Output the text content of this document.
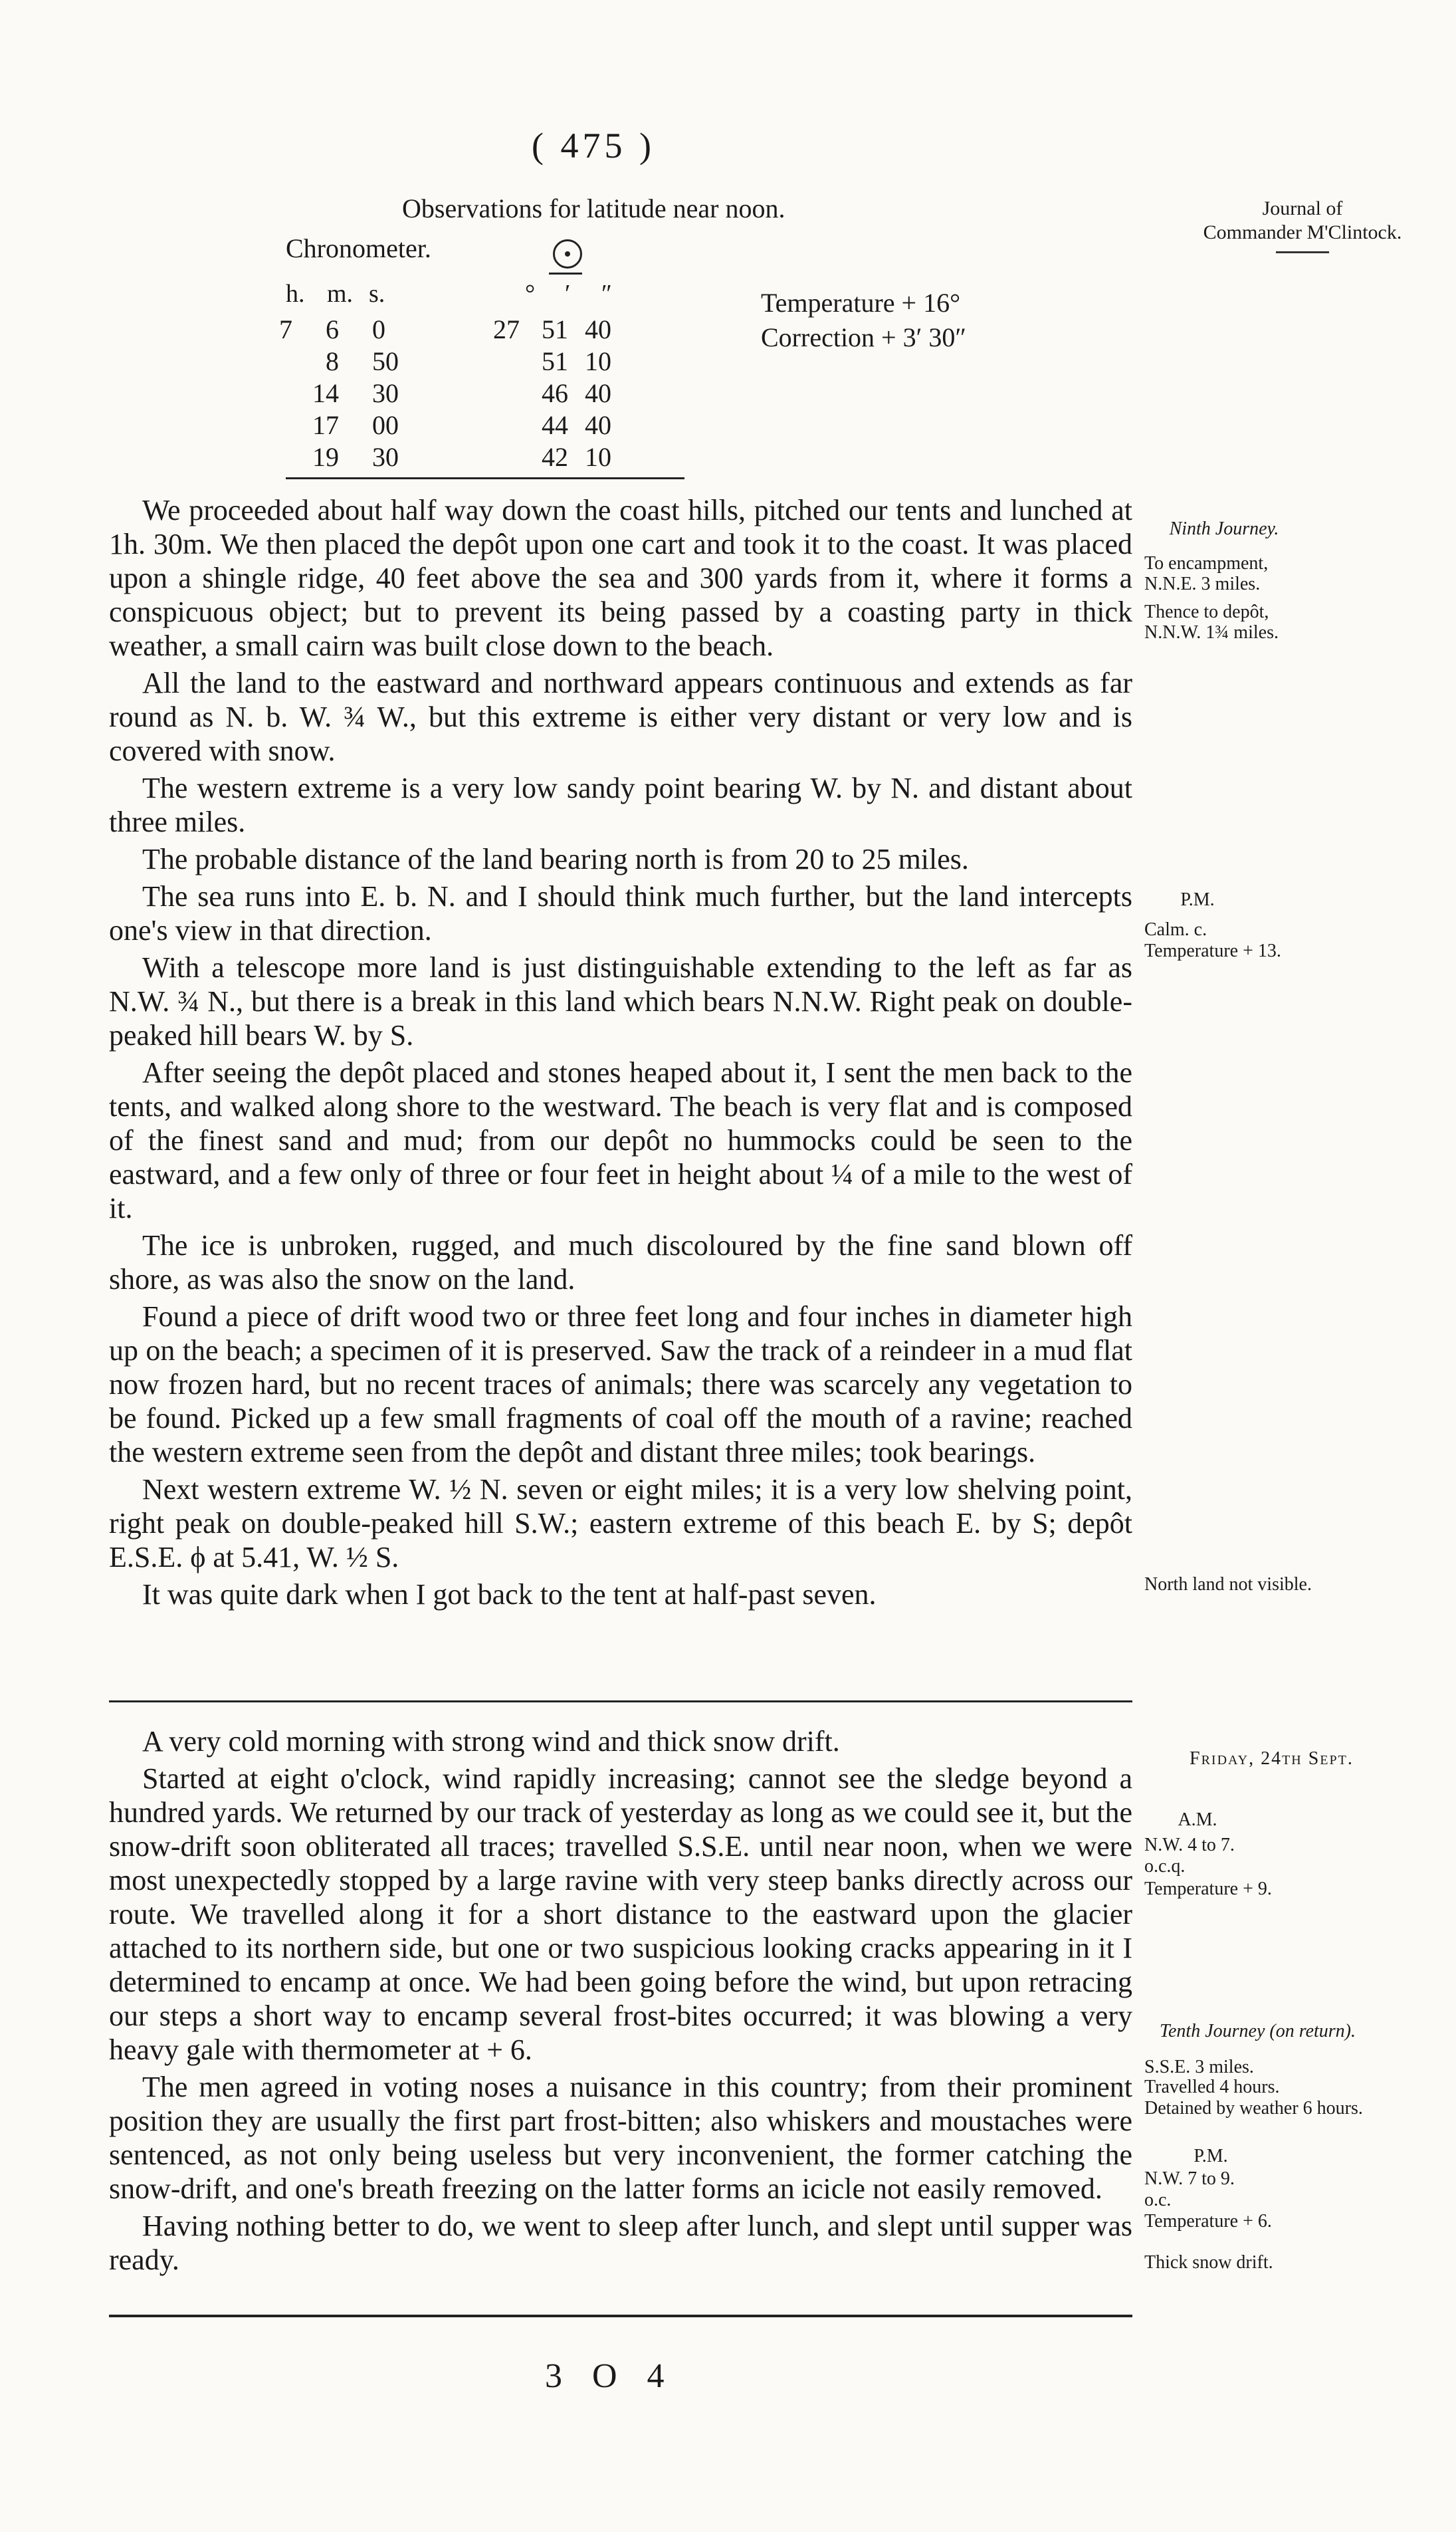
( 475 )
Journal of
Commander M'Clintock.
Observations for latitude near noon.
Chronometer.
h. m. s.	° ′ ″
7 6 0	27 51 40
8 50	51 10
14 30	46 40
17 00	44 40
19 30	42 10
Temperature + 16°
Correction + 3′ 30″

We proceeded about half way down the coast hills, pitched our tents and lunched at 1h. 30m. We then placed the depôt upon one cart and took it to the coast. It was placed upon a shingle ridge, 40 feet above the sea and 300 yards from it, where it forms a conspicuous object; but to prevent its being passed by a coasting party in thick weather, a small cairn was built close down to the beach.

All the land to the eastward and northward appears continuous and extends as far round as N. b. W. ¾ W., but this extreme is either very distant or very low and is covered with snow.

The western extreme is a very low sandy point bearing W. by N. and distant about three miles.

The probable distance of the land bearing north is from 20 to 25 miles.

The sea runs into E. b. N. and I should think much further, but the land intercepts one's view in that direction.

With a telescope more land is just distinguishable extending to the left as far as N.W. ¾ N., but there is a break in this land which bears N.N.W. Right peak on double-peaked hill bears W. by S.

After seeing the depôt placed and stones heaped about it, I sent the men back to the tents, and walked along shore to the westward. The beach is very flat and is composed of the finest sand and mud; from our depôt no hummocks could be seen to the eastward, and a few only of three or four feet in height about ¼ of a mile to the west of it.

The ice is unbroken, rugged, and much discoloured by the fine sand blown off shore, as was also the snow on the land.

Found a piece of drift wood two or three feet long and four inches in diameter high up on the beach; a specimen of it is preserved. Saw the track of a reindeer in a mud flat now frozen hard, but no recent traces of animals; there was scarcely any vegetation to be found. Picked up a few small fragments of coal off the mouth of a ravine; reached the western extreme seen from the depôt and distant three miles; took bearings.

Next western extreme W. ½ N. seven or eight miles; it is a very low shelving point, right peak on double-peaked hill S.W.; eastern extreme of this beach E. by S; depôt E.S.E. ϕ at 5.41, W. ½ S.

It was quite dark when I got back to the tent at half-past seven.

A very cold morning with strong wind and thick snow drift.

Started at eight o'clock, wind rapidly increasing; cannot see the sledge beyond a hundred yards. We returned by our track of yesterday as long as we could see it, but the snow-drift soon obliterated all traces; travelled S.S.E. until near noon, when we were most unexpectedly stopped by a large ravine with very steep banks directly across our route. We travelled along it for a short distance to the eastward upon the glacier attached to its northern side, but one or two suspicious looking cracks appearing in it I determined to encamp at once. We had been going before the wind, but upon retracing our steps a short way to encamp several frost-bites occurred; it was blowing a very heavy gale with thermometer at + 6.

The men agreed in voting noses a nuisance in this country; from their prominent position they are usually the first part frost-bitten; also whiskers and moustaches were sentenced, as not only being useless but very inconvenient, the former catching the snow-drift, and one's breath freezing on the latter forms an icicle not easily removed.

Having nothing better to do, we went to sleep after lunch, and slept until supper was ready.

3 O 4
Ninth Journey.
To encampment, N.N.E. 3 miles.
Thence to depôt, N.N.W. 1¾ miles.
P.M.
Calm. c.
Temperature + 13.
North land not visible.
Friday, 24th Sept.
A.M.
N.W. 4 to 7.
o.c.q.
Temperature + 9.
Tenth Journey (on return).
S.S.E. 3 miles.
Travelled 4 hours.
Detained by weather 6 hours.
P.M.
N.W. 7 to 9.
o.c.
Temperature + 6.
Thick snow drift.
